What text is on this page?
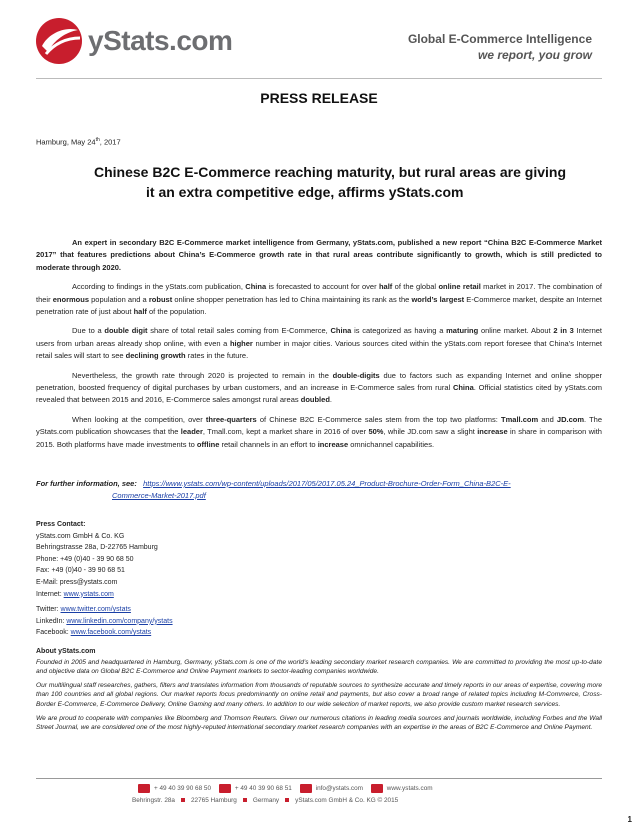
yStats.com	Global E-Commerce Intelligence
we report, you grow
PRESS RELEASE
Hamburg, May 24th, 2017
Chinese B2C E-Commerce reaching maturity, but rural areas are giving
it an extra competitive edge, affirms yStats.com

An expert in secondary B2C E-Commerce market intelligence from Germany, yStats.com, published a new report “China B2C E-Commerce Market 2017” that features predictions about China’s E-Commerce growth rate in that rural areas contribute significantly to growth, which is still predicted to moderate through 2020.

According to findings in the yStats.com publication, China is forecasted to account for over half of the global online retail market in 2017. The combination of their enormous population and a robust online shopper penetration has led to China maintaining its rank as the world’s largest E-Commerce market, despite an Internet penetration rate of just about half of the population.

Due to a double digit share of total retail sales coming from E-Commerce, China is categorized as having a maturing online market. About 2 in 3 Internet users from urban areas already shop online, with even a higher number in major cities. Various sources cited within the yStats.com report foresee that China’s Internet retail sales will start to see declining growth rates in the future.

Nevertheless, the growth rate through 2020 is projected to remain in the double-digits due to factors such as expanding Internet and online shopper penetration, boosted frequency of digital purchases by urban customers, and an increase in E-Commerce sales from rural China. Official statistics cited by yStats.com revealed that between 2015 and 2016, E-Commerce sales amongst rural areas doubled.

When looking at the competition, over three-quarters of Chinese B2C E-Commerce sales stem from the top two platforms: Tmall.com and JD.com. The yStats.com publication showcases that the leader, Tmall.com, kept a market share in 2016 of over 50%, while JD.com saw a slight increase in share in comparison with 2015. Both platforms have made investments to offline retail channels in an effort to increase omnichannel capabilities.

For further information, see: https://www.ystats.com/wp-content/uploads/2017/05/2017.05.24_Product-Brochure-Order-Form_China-B2C-E-
Commerce-Market-2017.pdf
Press Contact:
yStats.com GmbH & Co. KG
Behringstrasse 28a, D-22765 Hamburg
Phone: +49 (0)40 - 39 90 68 50
Fax: +49 (0)40 - 39 90 68 51
E-Mail: press@ystats.com
Internet: www.ystats.com
Twitter: www.twitter.com/ystats
LinkedIn: www.linkedin.com/company/ystats
Facebook: www.facebook.com/ystats
About yStats.com

Founded in 2005 and headquartered in Hamburg, Germany, yStats.com is one of the world’s leading secondary market research companies. We are committed to providing the most up-to-date and objective data on Global B2C E-Commerce and Online Payment markets to sector-leading companies worldwide.

Our multilingual staff researches, gathers, filters and translates information from thousands of reputable sources to synthesize accurate and timely reports in our areas of expertise, covering more than 100 countries and all global regions. Our market reports focus predominantly on online retail and payments, but also cover a broad range of related topics including M-Commerce, Cross-Border E-Commerce, E-Commerce Delivery, Online Gaming and many others. In addition to our wide selection of market reports, we also provide custom market research services.

We are proud to cooperate with companies like Bloomberg and Thomson Reuters. Given our numerous citations in leading media sources and journals worldwide, including Forbes and the Wall Street Journal, we are considered one of the most highly-reputed international secondary market research companies with an expertise in the areas of B2C E-Commerce and Online Payment.

+ 49 40 39 90 68 50	+ 49 40 39 90 68 51	info@ystats.com	www.ystats.com
Behringstr. 28a	22765 Hamburg	Germany	yStats.com GmbH & Co. KG © 2015
1
